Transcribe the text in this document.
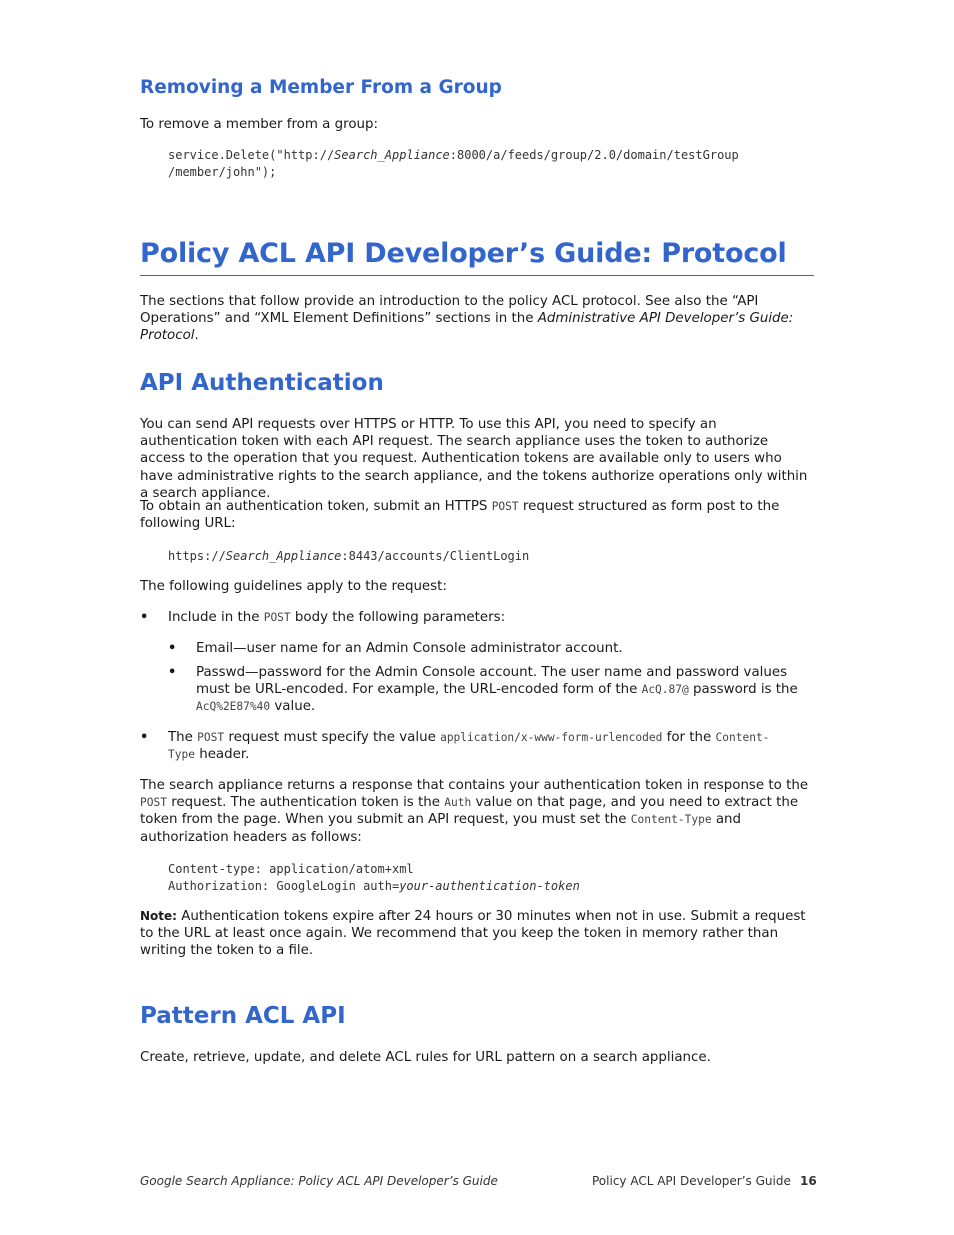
Removing a Member From a Group

To remove a member from a group:

service.Delete("http://Search_Appliance:8000/a/feeds/group/2.0/domain/testGroup
/member/john");
Policy ACL API Developer’s Guide: Protocol

The sections that follow provide an introduction to the policy ACL protocol. See also the “API Operations” and “XML Element Definitions” sections in the Administrative API Developer’s Guide: Protocol.

API Authentication

You can send API requests over HTTPS or HTTP. To use this API, you need to specify an authentication token with each API request. The search appliance uses the token to authorize access to the operation that you request. Authentication tokens are available only to users who have administrative rights to the search appliance, and the tokens authorize operations only within a search appliance.

To obtain an authentication token, submit an HTTPS POST request structured as form post to the following URL:

https://Search_Appliance:8443/accounts/ClientLogin

The following guidelines apply to the request:

• Include in the POST body the following parameters:
• Email—user name for an Admin Console administrator account.
• Passwd—password for the Admin Console account. The user name and password values must be URL-encoded. For example, the URL-encoded form of the AcQ.87@ password is the AcQ%2E87%40 value.
• The POST request must specify the value application/x-www-form-urlencoded for the Content-
Type header.

The search appliance returns a response that contains your authentication token in response to the POST request. The authentication token is the Auth value on that page, and you need to extract the token from the page. When you submit an API request, you must set the Content-Type and authorization headers as follows:

Content-type: application/atom+xml
Authorization: GoogleLogin auth=your-authentication-token

Note: Authentication tokens expire after 24 hours or 30 minutes when not in use. Submit a request to the URL at least once again. We recommend that you keep the token in memory rather than writing the token to a file.

Pattern ACL API

Create, retrieve, update, and delete ACL rules for URL pattern on a search appliance.

Google Search Appliance: Policy ACL API Developer’s Guide	Policy ACL API Developer’s Guide 16
